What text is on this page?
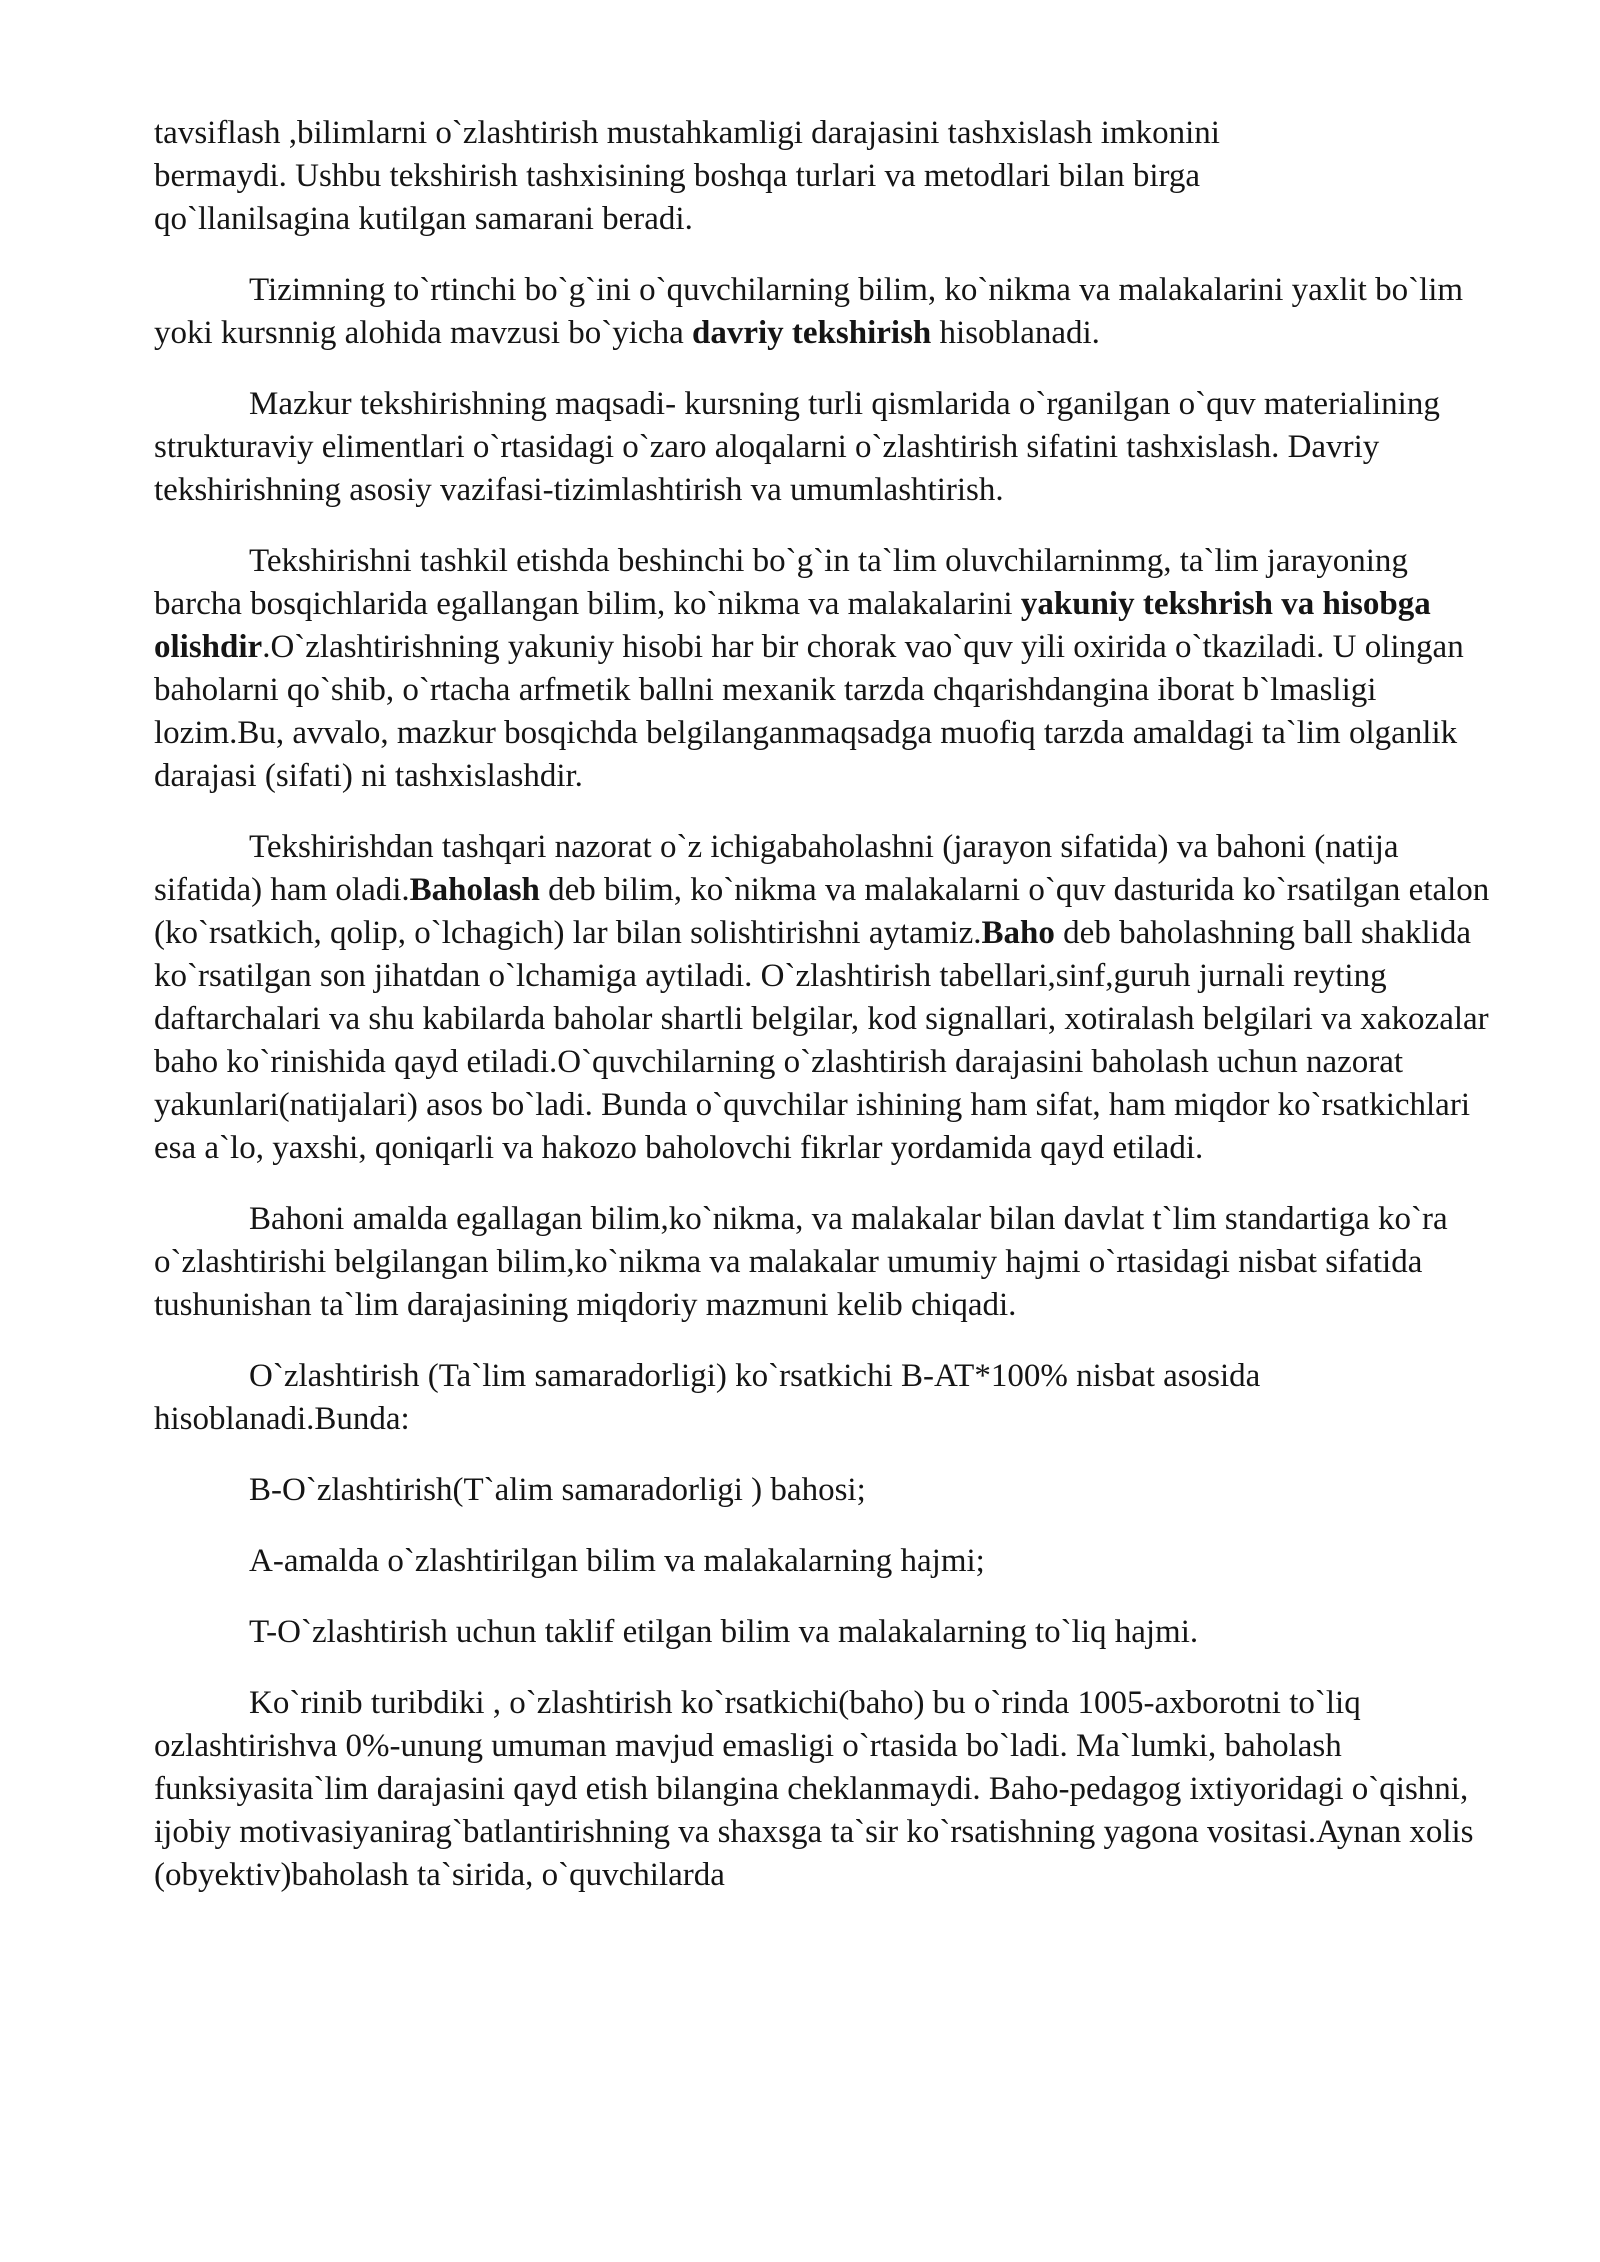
tavsiflash ,bilimlarni o`zlashtirish mustahkamligi darajasini tashxislash imkonini
bermaydi. Ushbu tekshirish tashxisining boshqa turlari va metodlari bilan birga
qo`llanilsagina kutilgan samarani beradi.

Tizimning to`rtinchi bo`g`ini o`quvchilarning bilim, ko`nikma va malakalarini yaxlit bo`lim yoki kursnnig alohida mavzusi bo`yicha davriy tekshirish hisoblanadi.

Mazkur tekshirishning maqsadi- kursning turli qismlarida o`rganilgan o`quv materialining strukturaviy elimentlari o`rtasidagi o`zaro aloqalarni o`zlashtirish sifatini tashxislash. Davriy tekshirishning asosiy vazifasi-tizimlashtirish va umumlashtirish.

Tekshirishni tashkil etishda beshinchi bo`g`in ta`lim oluvchilarninmg, ta`lim jarayoning barcha bosqichlarida egallangan bilim, ko`nikma va malakalarini yakuniy tekshrish va hisobga olishdir.O`zlashtirishning yakuniy hisobi har bir chorak vao`quv yili oxirida o`tkaziladi. U olingan baholarni qo`shib, o`rtacha arfmetik ballni mexanik tarzda chqarishdangina iborat b`lmasligi lozim.Bu, avvalo, mazkur bosqichda belgilanganmaqsadga muofiq tarzda amaldagi ta`lim olganlik darajasi (sifati) ni tashxislashdir.

Tekshirishdan tashqari nazorat o`z ichigabaholashni (jarayon sifatida) va bahoni (natija sifatida) ham oladi.Baholash deb bilim, ko`nikma va malakalarni o`quv dasturida ko`rsatilgan etalon (ko`rsatkich, qolip, o`lchagich) lar bilan solishtirishni aytamiz.Baho deb baholashning ball shaklida ko`rsatilgan son jihatdan o`lchamiga aytiladi. O`zlashtirish tabellari,sinf,guruh jurnali reyting daftarchalari va shu kabilarda baholar shartli belgilar, kod signallari, xotiralash belgilari va xakozalar baho ko`rinishida qayd etiladi.O`quvchilarning o`zlashtirish darajasini baholash uchun nazorat yakunlari(natijalari) asos bo`ladi. Bunda o`quvchilar ishining ham sifat, ham miqdor ko`rsatkichlari esa a`lo, yaxshi, qoniqarli va hakozo baholovchi fikrlar yordamida qayd etiladi.

Bahoni amalda egallagan bilim,ko`nikma, va malakalar bilan davlat t`lim standartiga ko`ra o`zlashtirishi belgilangan bilim,ko`nikma va malakalar umumiy hajmi o`rtasidagi nisbat sifatida tushunishan ta`lim darajasining miqdoriy mazmuni kelib chiqadi.

O`zlashtirish (Ta`lim samaradorligi) ko`rsatkichi B-AT*100% nisbat asosida hisoblanadi.Bunda:

B-O`zlashtirish(T`alim samaradorligi ) bahosi;

A-amalda o`zlashtirilgan bilim va malakalarning hajmi;

T-O`zlashtirish uchun taklif etilgan bilim va malakalarning to`liq hajmi.

Ko`rinib turibdiki , o`zlashtirish ko`rsatkichi(baho) bu o`rinda 1005-axborotni to`liq ozlashtirishva 0%-unung umuman mavjud emasligi o`rtasida bo`ladi. Ma`lumki, baholash funksiyasita`lim darajasini qayd etish bilangina cheklanmaydi. Baho-pedagog ixtiyoridagi o`qishni, ijobiy motivasiyanirag`batlantirishning va shaxsga ta`sir ko`rsatishning yagona vositasi.Aynan xolis (obyektiv)baholash ta`sirida, o`quvchilarda
